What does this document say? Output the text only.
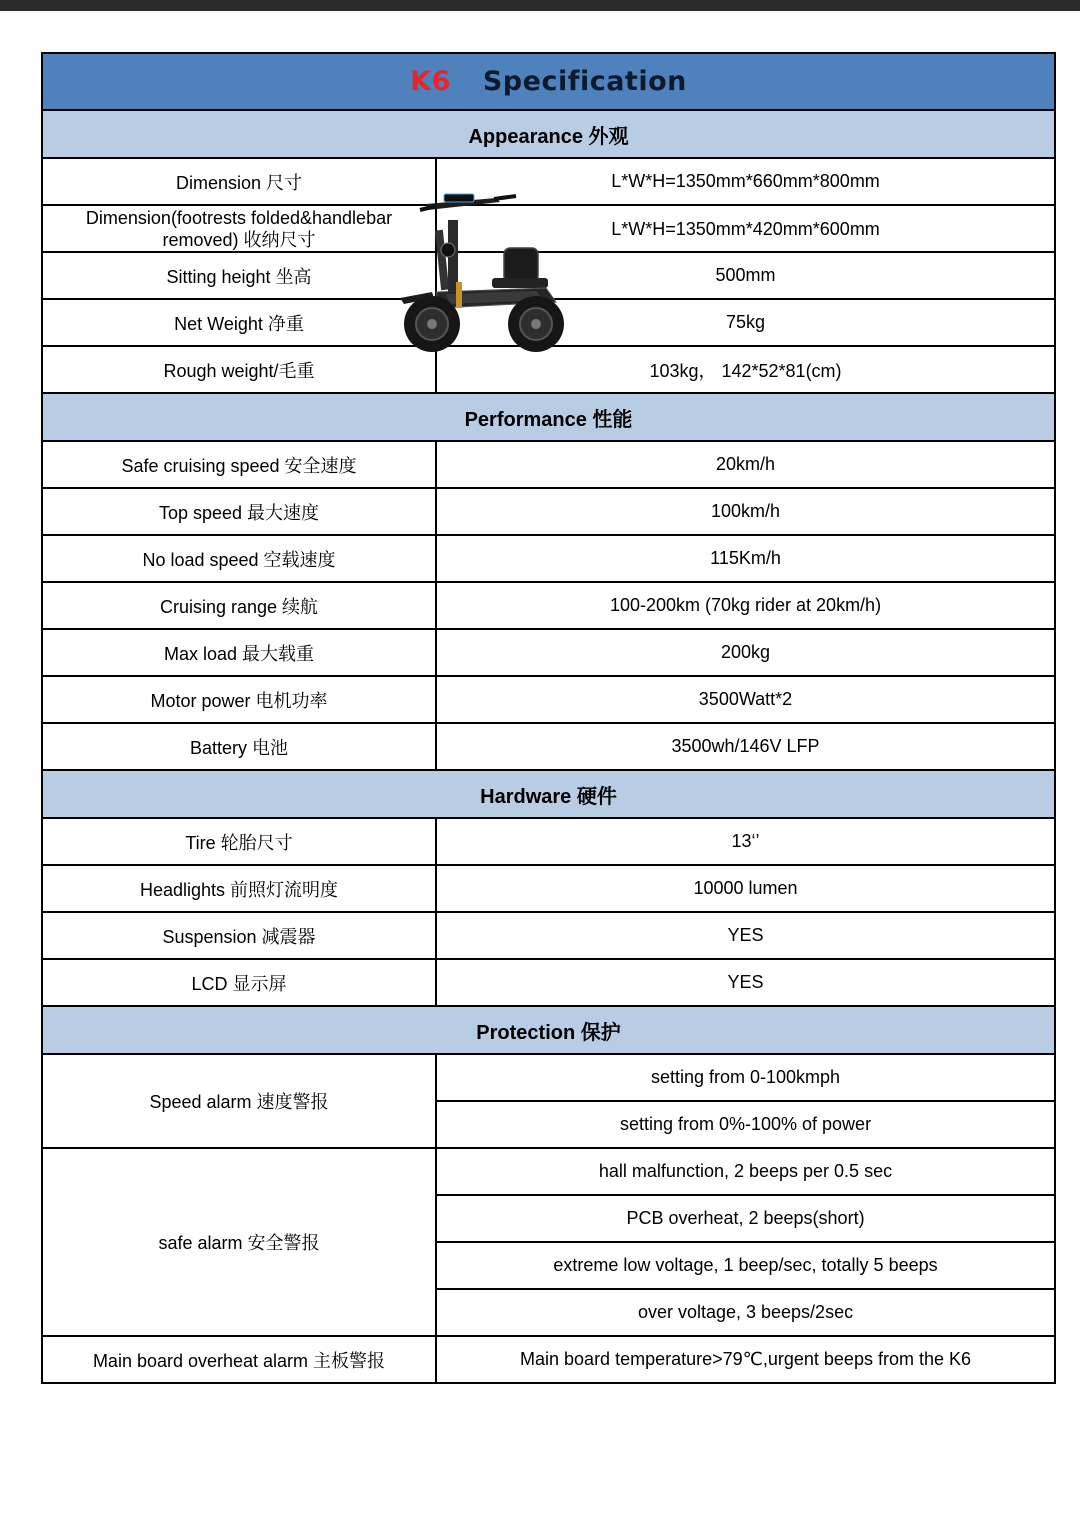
K6 Specification	
Appearance 外观	
Dimension 尺寸	L*W*H=1350mm*660mm*800mm
Dimension(footrests folded&handlebar removed) 收纳尺寸	L*W*H=1350mm*420mm*600mm
Sitting height 坐高	500mm
Net Weight 净重	75kg
Rough weight/毛重	103kg， 142*52*81(cm)
Performance 性能	
Safe cruising speed 安全速度	20km/h
Top speed 最大速度	100km/h
No load speed 空载速度	115Km/h
Cruising range 续航	100-200km (70kg rider at 20km/h)
Max load 最大载重	200kg
Motor power 电机功率	3500Watt*2
Battery 电池	3500wh/146V LFP
Hardware 硬件	
Tire 轮胎尺寸	13‘’
Headlights 前照灯流明度	10000 lumen
Suspension 减震器	YES
LCD 显示屏	YES
Protection 保护	
Speed alarm 速度警报	setting from 0-100kmph
	setting from 0%-100% of power
safe alarm 安全警报	hall malfunction, 2 beeps per 0.5 sec
	PCB overheat, 2 beeps(short)
	extreme low voltage, 1 beep/sec, totally 5 beeps
	over voltage, 3 beeps/2sec
Main board overheat alarm 主板警报	Main board temperature>79℃,urgent beeps from the K6
